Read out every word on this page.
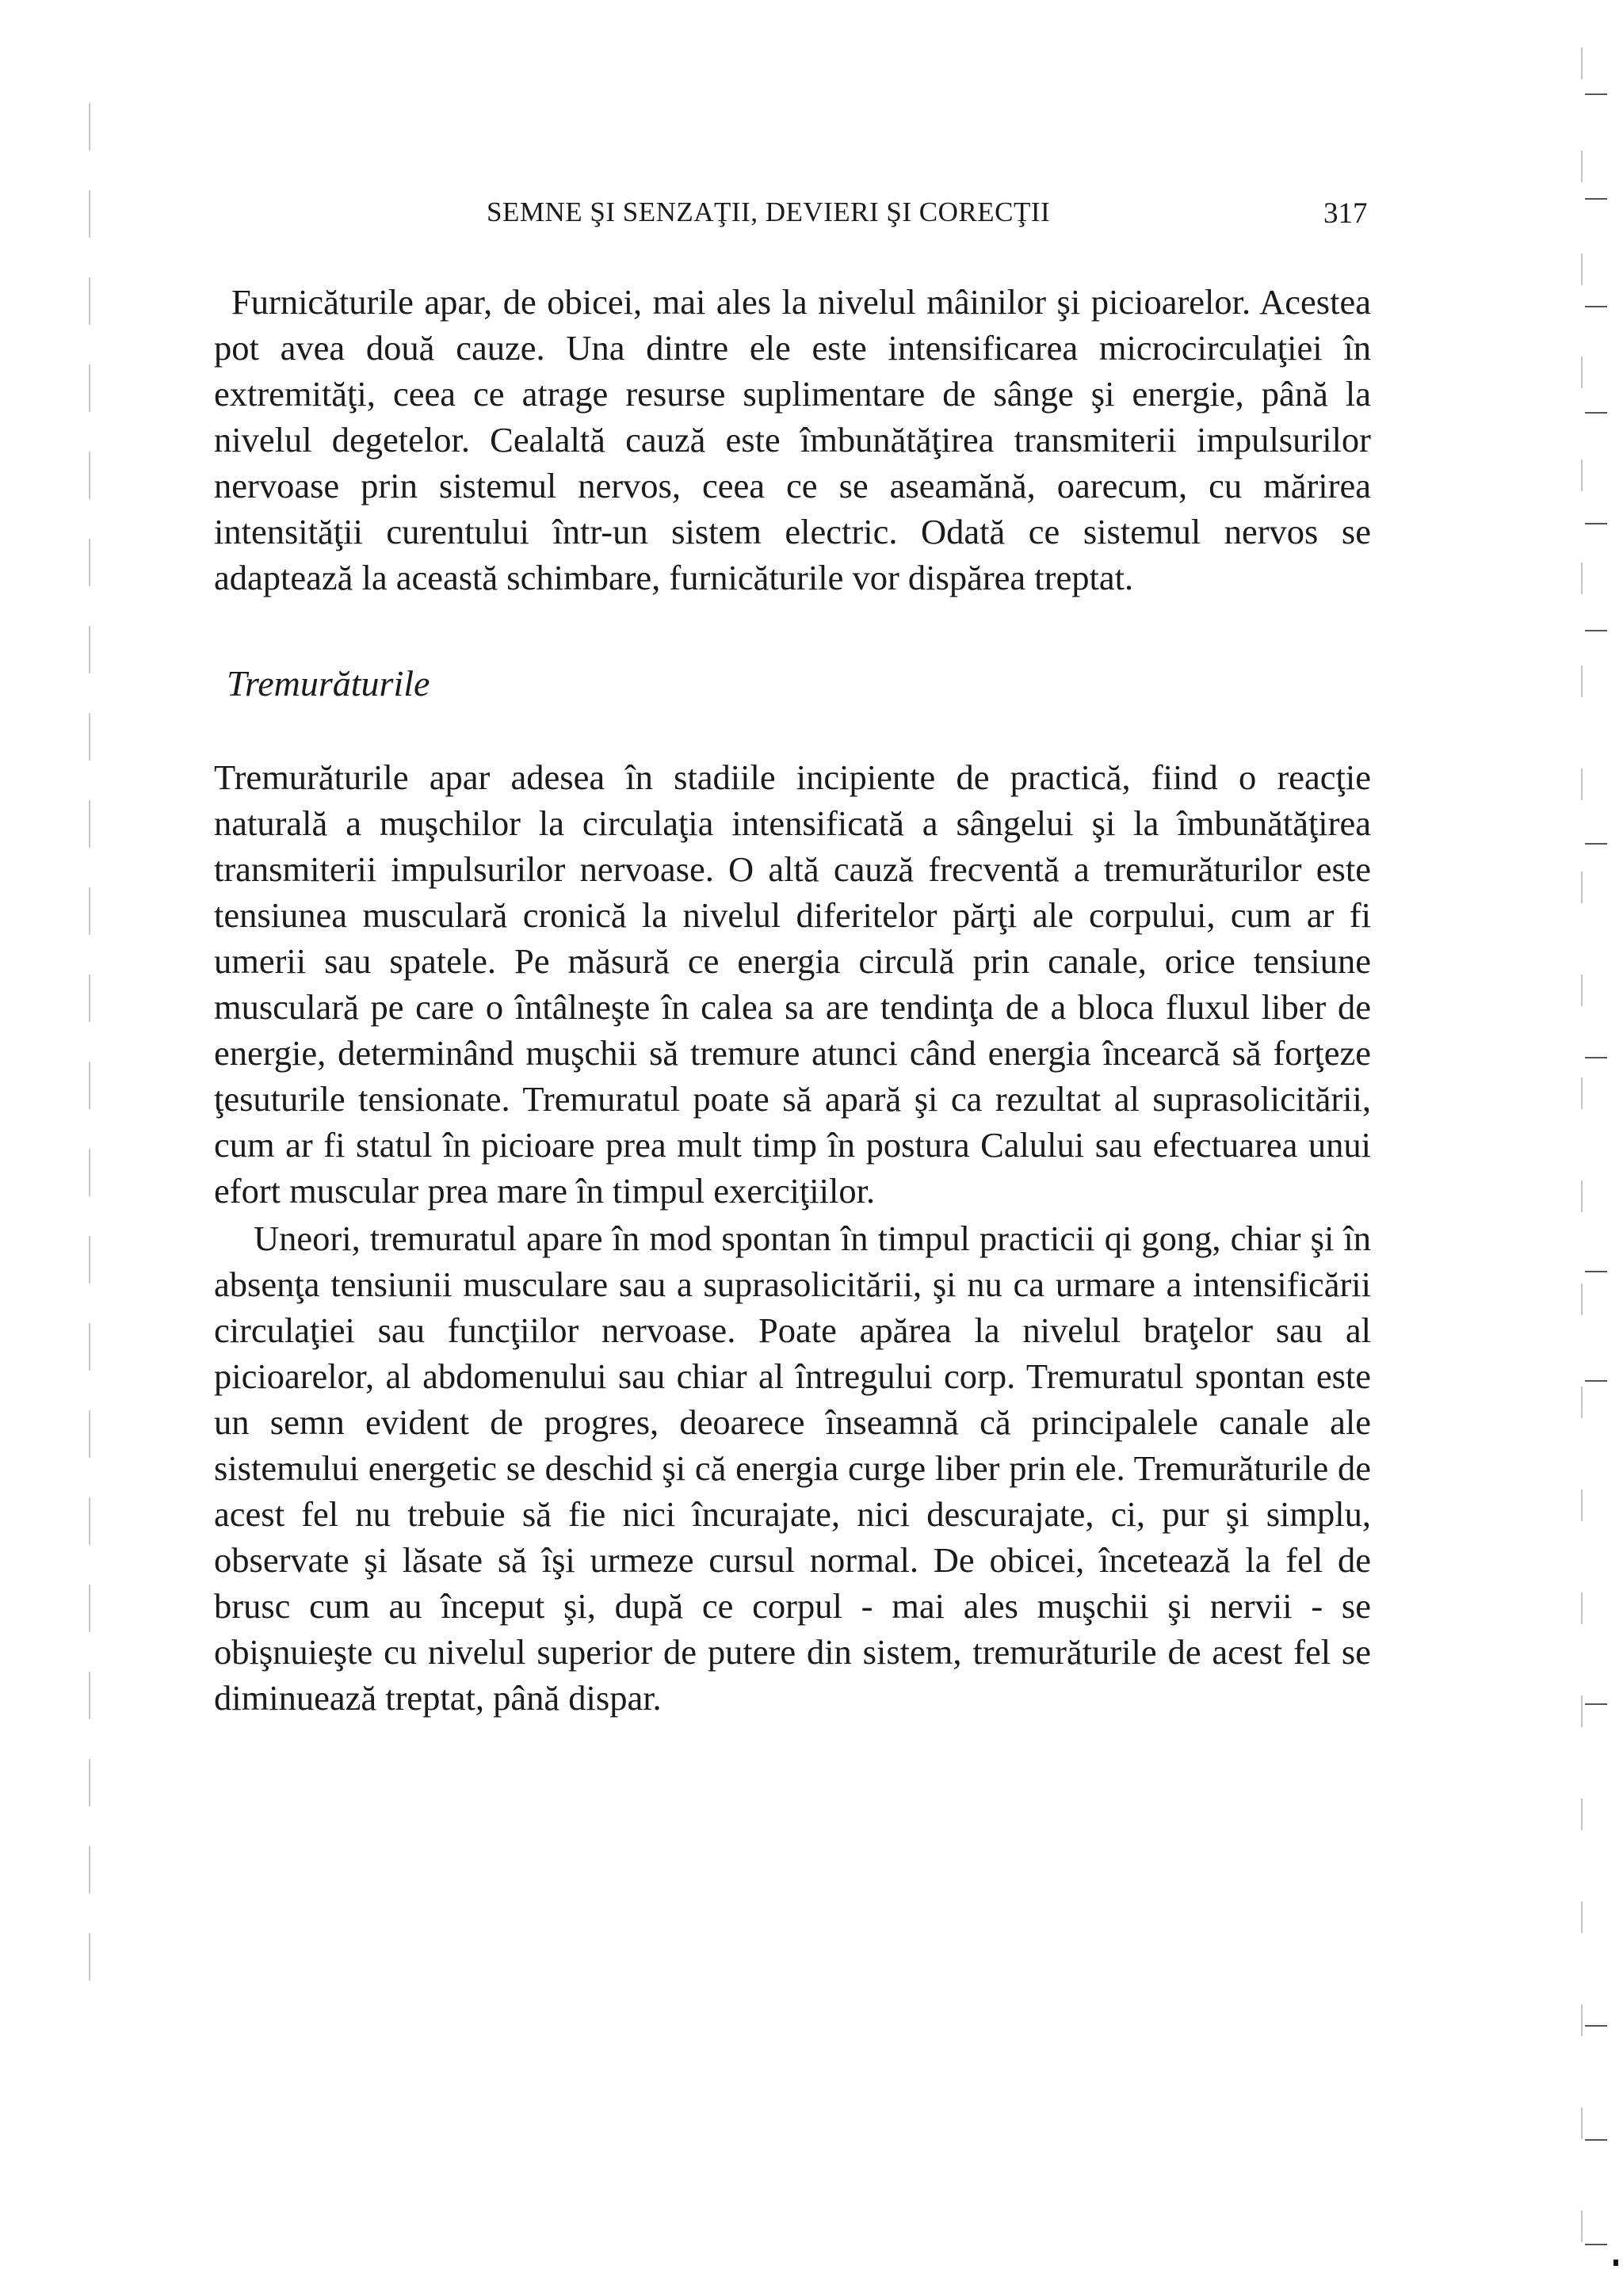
SEMNE ŞI SENZAŢII, DEVIERI ŞI CORECŢII	317

Furnicăturile apar, de obicei, mai ales la nivelul mâinilor şi picioarelor. Acestea pot avea două cauze. Una dintre ele este intensificarea microcirculaţiei în extremităţi, ceea ce atrage resurse suplimentare de sânge şi energie, până la nivelul degetelor. Cealaltă cauză este îmbunătăţirea transmiterii impulsurilor nervoase prin sistemul nervos, ceea ce se aseamănă, oarecum, cu mărirea intensităţii curentului într-un sistem electric. Odată ce sistemul nervos se adaptează la această schimbare, furnicăturile vor dispărea treptat.

Tremurăturile

Tremurăturile apar adesea în stadiile incipiente de practică, fiind o reacţie naturală a muşchilor la circulaţia intensificată a sângelui şi la îmbunătăţirea transmiterii impulsurilor nervoase. O altă cauză frecventă a tremurăturilor este tensiunea musculară cronică la nivelul diferitelor părţi ale corpului, cum ar fi umerii sau spatele. Pe măsură ce energia circulă prin canale, orice tensiune musculară pe care o întâlneşte în calea sa are tendinţa de a bloca fluxul liber de energie, determinând muşchii să tremure atunci când energia încearcă să forţeze ţesuturile tensionate. Tremuratul poate să apară şi ca rezultat al suprasolicitării, cum ar fi statul în picioare prea mult timp în postura Calului sau efectuarea unui efort muscular prea mare în timpul exerciţiilor.

Uneori, tremuratul apare în mod spontan în timpul practicii qi gong, chiar şi în absenţa tensiunii musculare sau a suprasolicitării, şi nu ca urmare a intensificării circulaţiei sau funcţiilor nervoase. Poate apărea la nivelul braţelor sau al picioarelor, al abdomenului sau chiar al întregului corp. Tremuratul spontan este un semn evident de progres, deoarece înseamnă că principalele canale ale sistemului energetic se deschid şi că energia curge liber prin ele. Tremurăturile de acest fel nu trebuie să fie nici încurajate, nici descurajate, ci, pur şi simplu, observate şi lăsate să îşi urmeze cursul normal. De obicei, încetează la fel de brusc cum au început şi, după ce corpul - mai ales muşchii şi nervii - se obişnuieşte cu nivelul superior de putere din sistem, tremurăturile de acest fel se diminuează treptat, până dispar.
